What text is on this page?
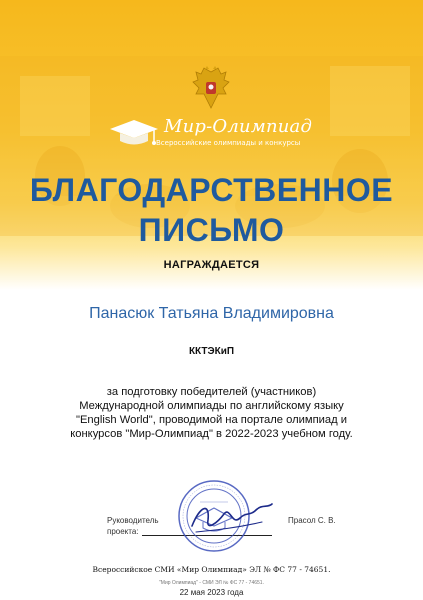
Мир-Олимпиад
Всероссийские олимпиады и конкурсы
БЛАГОДАРСТВЕННОЕ
ПИСЬМО
НАГРАЖДАЕТСЯ
Панасюк Татьяна Владимировна
ККТЭКиП
за подготовку победителей (участников)
Международной олимпиады по английскому языку
"English World", проводимой на портале олимпиад и
конкурсов "Мир-Олимпиад" в 2022-2023 учебном году.
Руководитель
проекта:
Прасол С. В.
Всероссийское СМИ «Мир Олимпиад» ЭЛ № ФС 77 - 74651.
"Мир Олимпиад" - СМИ ЭЛ № ФС 77 - 74651.
22 мая 2023 года
